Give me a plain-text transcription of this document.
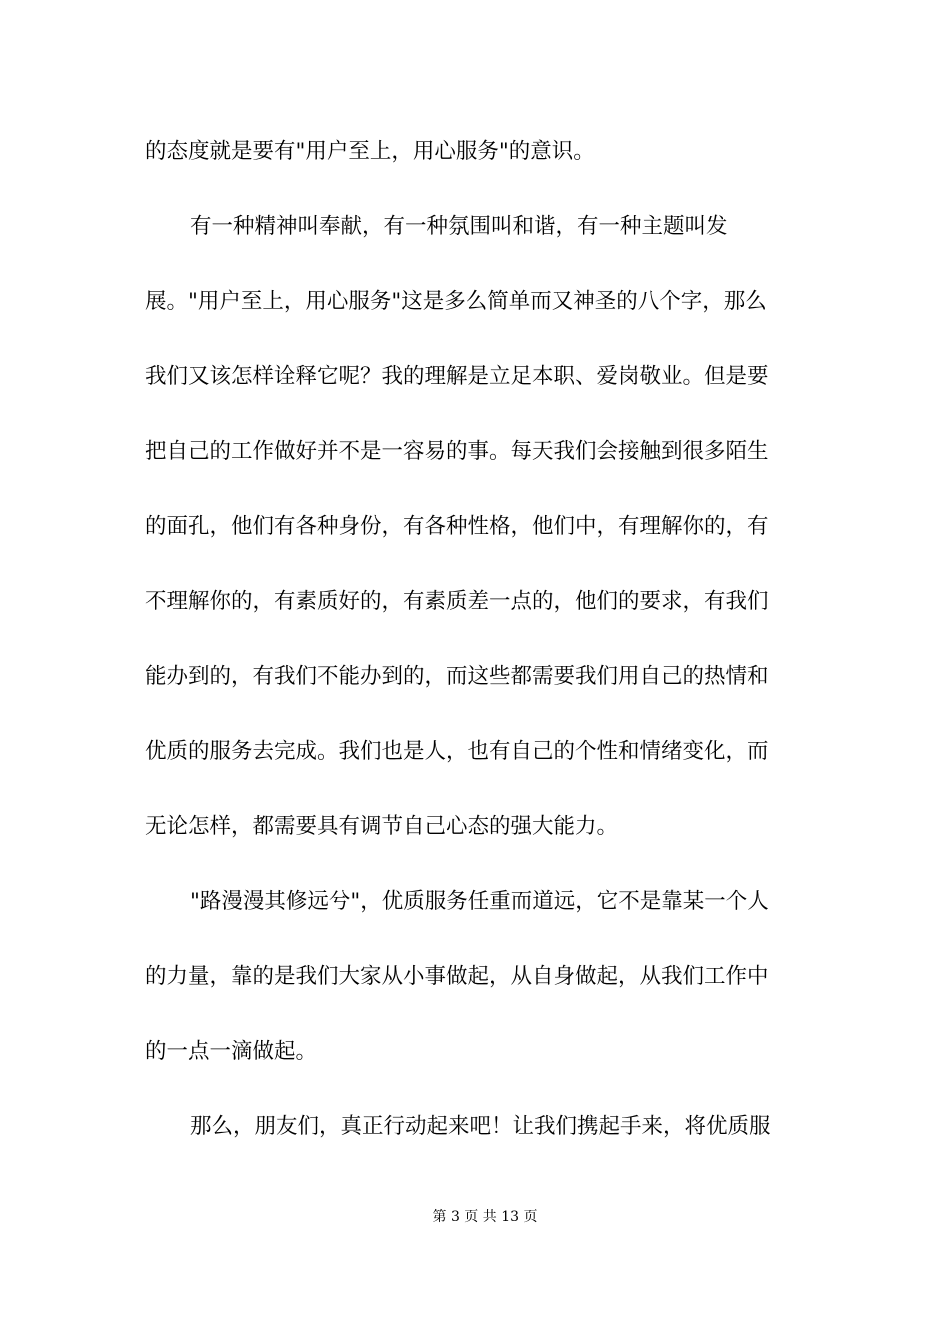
的态度就是要有"用户至上，用心服务"的意识。
有一种精神叫奉献，有一种氛围叫和谐，有一种主题叫发
展。"用户至上，用心服务"这是多么简单而又神圣的八个字，那么
我们又该怎样诠释它呢？我的理解是立足本职、爱岗敬业。但是要
把自己的工作做好并不是一容易的事。每天我们会接触到很多陌生
的面孔，他们有各种身份，有各种性格，他们中，有理解你的，有
不理解你的，有素质好的，有素质差一点的，他们的要求，有我们
能办到的，有我们不能办到的，而这些都需要我们用自己的热情和
优质的服务去完成。我们也是人，也有自己的个性和情绪变化，而
无论怎样，都需要具有调节自己心态的强大能力。
"路漫漫其修远兮"，优质服务任重而道远，它不是靠某一个人
的力量，靠的是我们大家从小事做起，从自身做起，从我们工作中
的一点一滴做起。
那么，朋友们，真正行动起来吧！让我们携起手来，将优质服
第 3 页 共 13 页
